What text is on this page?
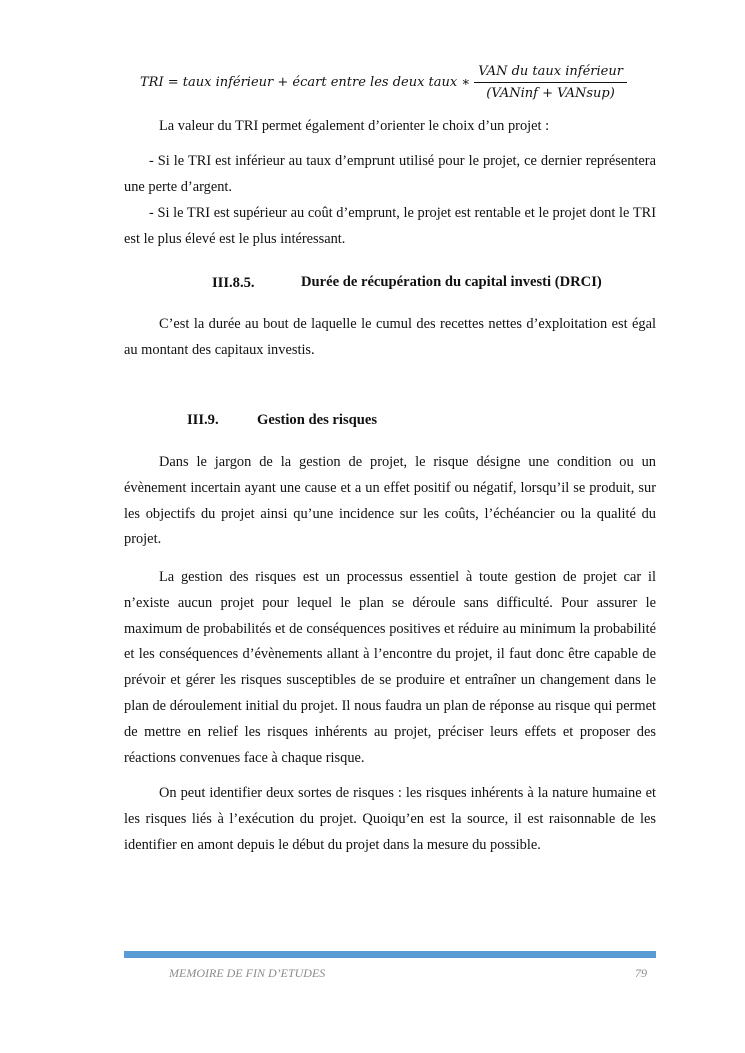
TRI = taux inférieur + écart entre les deux taux ∗ $\frac{\text{VAN du taux inférieur}}{\text{(VANinf + VANsup)}}$

La valeur du TRI permet également d’orienter le choix d’un projet :

- Si le TRI est inférieur au taux d’emprunt utilisé pour le projet, ce dernier représentera une perte d’argent.

- Si le TRI est supérieur au coût d’emprunt, le projet est rentable et le projet dont le TRI est le plus élevé est le plus intéressant.

III.8.5.	Durée de récupération du capital investi (DRCI)

C’est la durée au bout de laquelle le cumul des recettes nettes d’exploitation est égal au montant des capitaux investis.

III.9.	Gestion des risques

Dans le jargon de la gestion de projet, le risque désigne une condition ou un évènement incertain ayant une cause et a un effet positif ou négatif, lorsqu’il se produit, sur les objectifs du projet ainsi qu’une incidence sur les coûts, l’échéancier ou la qualité du projet.

La gestion des risques est un processus essentiel à toute gestion de projet car il n’existe aucun projet pour lequel le plan se déroule sans difficulté. Pour assurer le maximum de probabilités et de conséquences positives et réduire au minimum la probabilité et les conséquences d’évènements allant à l’encontre du projet, il faut donc être capable de prévoir et gérer les risques susceptibles de se produire et entraîner un changement dans le plan de déroulement initial du projet. Il nous faudra un plan de réponse au risque qui permet de mettre en relief les risques inhérents au projet, préciser leurs effets et proposer des réactions convenues face à chaque risque.

On peut identifier deux sortes de risques : les risques inhérents à la nature humaine et les risques liés à l’exécution du projet. Quoiqu’en est la source, il est raisonnable de les identifier en amont depuis le début du projet dans la mesure du possible.

MEMOIRE DE FIN D’ETUDES	79
